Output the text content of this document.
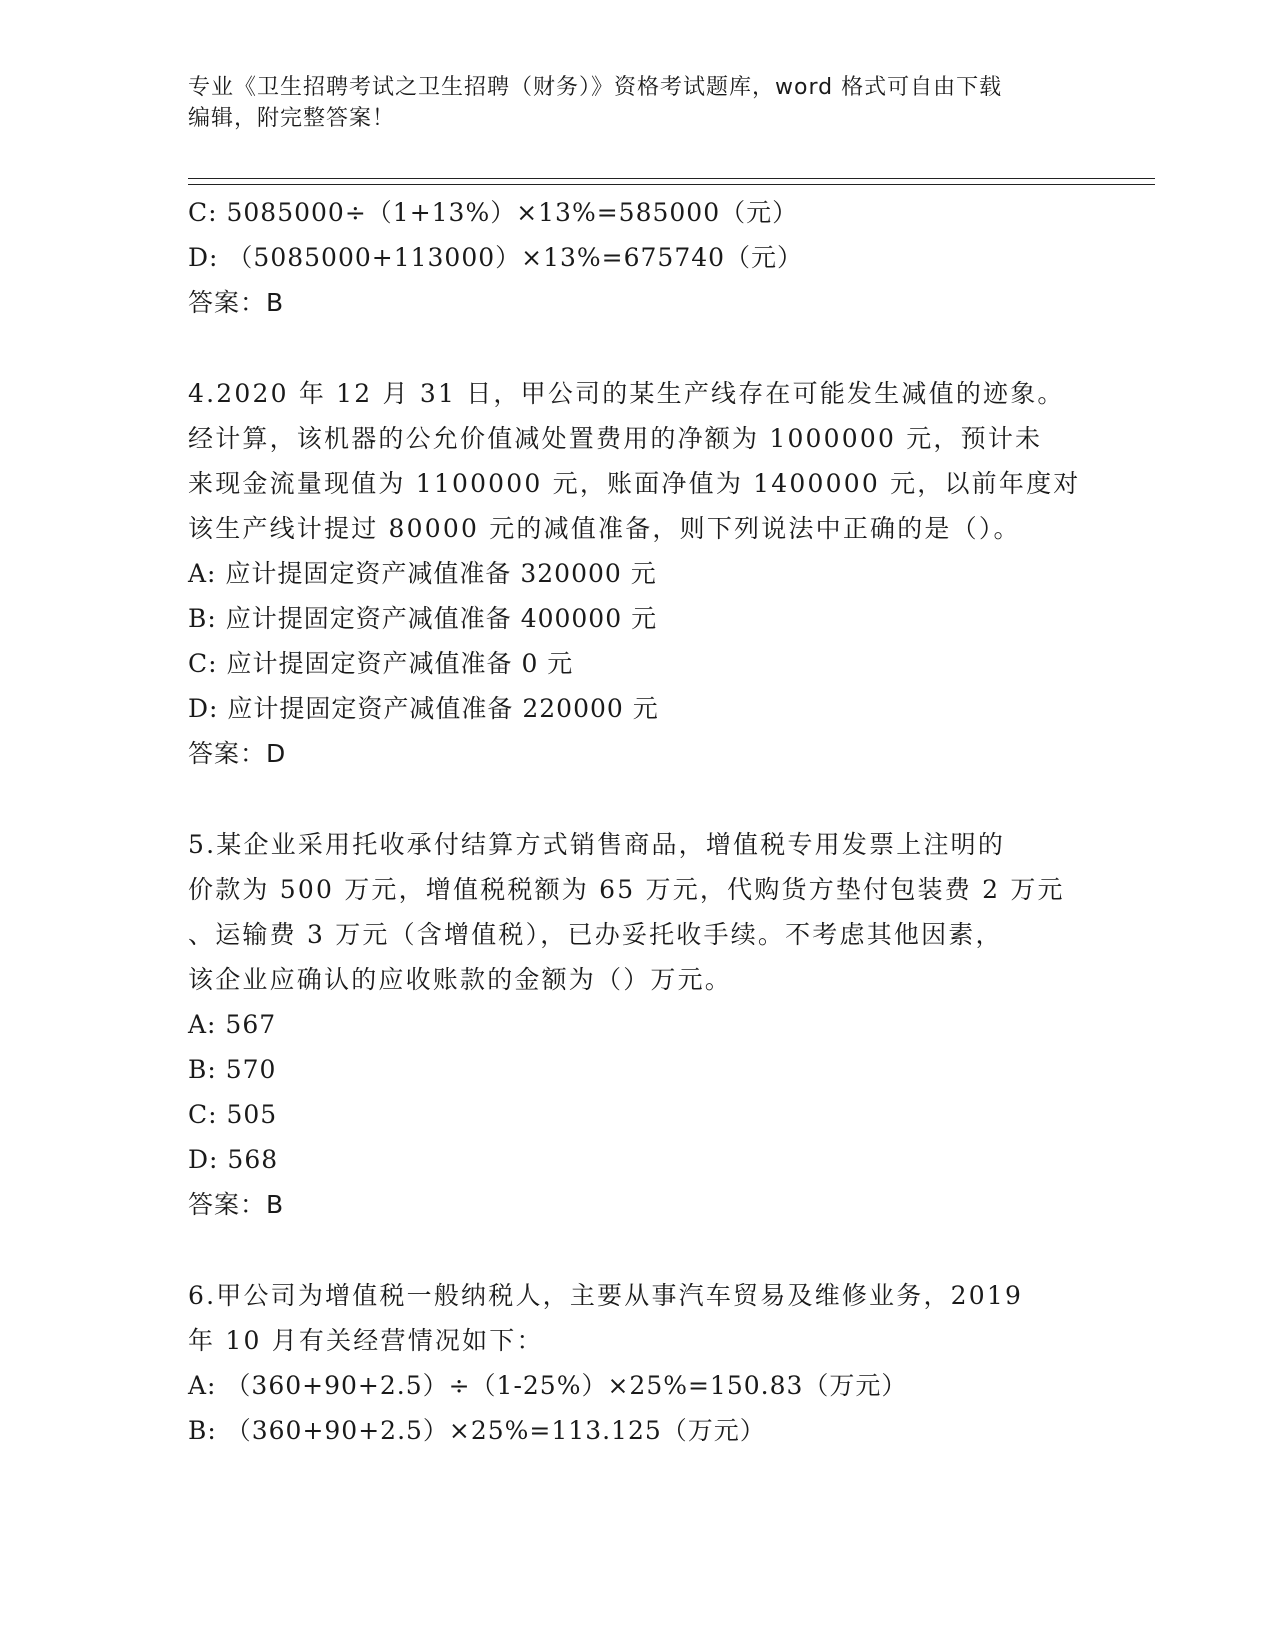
专业《卫生招聘考试之卫生招聘（财务）》资格考试题库，word 格式可自由下载
编辑，附完整答案！
C: 5085000÷（1+13%）×13%=585000（元）
D: （5085000+113000）×13%=675740（元）
答案：B
4.2020 年 12 月 31 日，甲公司的某生产线存在可能发生减值的迹象。
经计算，该机器的公允价值减处置费用的净额为 1000000 元，预计未
来现金流量现值为 1100000 元，账面净值为 1400000 元，以前年度对
该生产线计提过 80000 元的减值准备，则下列说法中正确的是（）。
A: 应计提固定资产减值准备 320000 元
B: 应计提固定资产减值准备 400000 元
C: 应计提固定资产减值准备 0 元
D: 应计提固定资产减值准备 220000 元
答案：D
5.某企业采用托收承付结算方式销售商品，增值税专用发票上注明的
价款为 500 万元，增值税税额为 65 万元，代购货方垫付包装费 2 万元
、运输费 3 万元（含增值税），已办妥托收手续。不考虑其他因素，
该企业应确认的应收账款的金额为（）万元。
A: 567
B: 570
C: 505
D: 568
答案：B
6.甲公司为增值税一般纳税人，主要从事汽车贸易及维修业务，2019
年 10 月有关经营情况如下：
A: （360+90+2.5）÷（1-25%）×25%=150.83（万元）
B: （360+90+2.5）×25%=113.125（万元）
